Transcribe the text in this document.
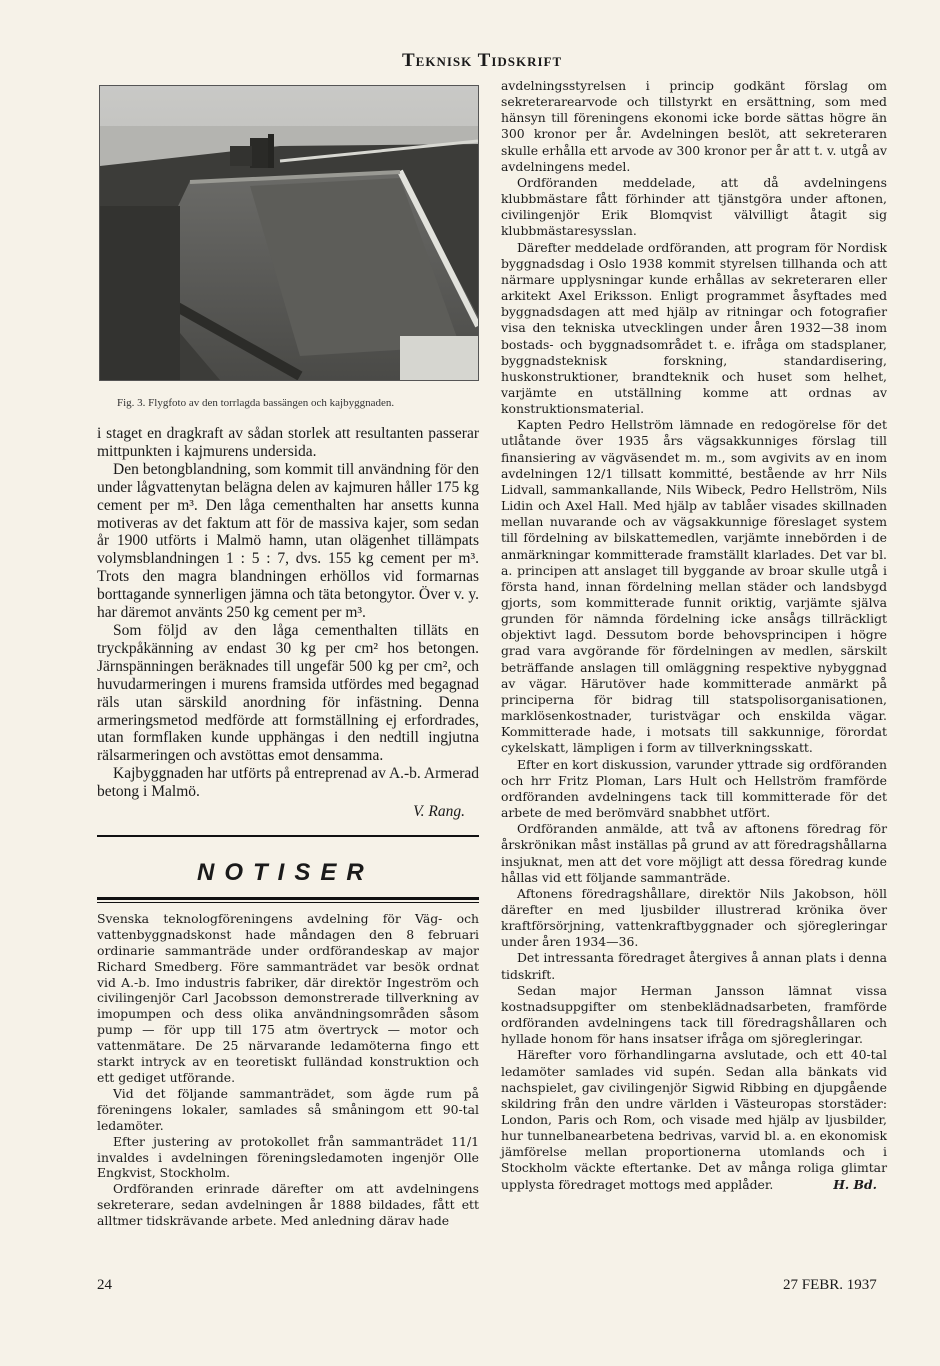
Teknisk Tidskrift
Fig. 3. Flygfoto av den torrlagda bassängen och kajbyggnaden.

i staget en dragkraft av sådan storlek att resultanten passerar mittpunkten i kajmurens undersida.

Den betongblandning, som kommit till användning för den under lågvattenytan belägna delen av kajmuren håller 175 kg cement per m³. Den låga cementhalten har ansetts kunna motiveras av det faktum att för de massiva kajer, som sedan år 1900 utförts i Malmö hamn, utan olägenhet tillämpats volymsblandningen 1 : 5 : 7, dvs. 155 kg cement per m³. Trots den magra blandningen erhöllos vid formarnas borttagande synnerligen jämna och täta betongytor. Över v. y. har däremot använts 250 kg cement per m³.

Som följd av den låga cementhalten tilläts en tryckpåkänning av endast 30 kg per cm² hos betongen. Järnspänningen beräknades till ungefär 500 kg per cm², och huvudarmeringen i murens framsida utfördes med begagnad räls utan särskild anordning för infästning. Denna armeringsmetod medförde att formställning ej erfordrades, utan formflaken kunde upphängas i den nedtill ingjutna rälsarmeringen och avstöttas emot densamma.

Kajbyggnaden har utförts på entreprenad av A.-b. Armerad betong i Malmö.

V. Rang.
NOTISER

Svenska teknologföreningens avdelning för Väg- och vattenbyggnadskonst hade måndagen den 8 februari ordinarie sammanträde under ordförandeskap av major Richard Smedberg. Före sammanträdet var besök ordnat vid A.-b. Imo industris fabriker, där direktör Ingeström och civilingenjör Carl Jacobsson demonstrerade tillverkning av imopumpen och dess olika användningsområden såsom pump — för upp till 175 atm övertryck — motor och vattenmätare. De 25 närvarande ledamöterna fingo ett starkt intryck av en teoretiskt fulländad konstruktion och ett gediget utförande.

Vid det följande sammanträdet, som ägde rum på föreningens lokaler, samlades så småningom ett 90-tal ledamöter.

Efter justering av protokollet från sammanträdet 11/1 invaldes i avdelningen föreningsledamoten ingenjör Olle Engkvist, Stockholm.

Ordföranden erinrade därefter om att avdelningens sekreterare, sedan avdelningen år 1888 bildades, fått ett alltmer tidskrävande arbete. Med anledning därav hade

avdelningsstyrelsen i princip godkänt förslag om sekreterarearvode och tillstyrkt en ersättning, som med hänsyn till föreningens ekonomi icke borde sättas högre än 300 kronor per år. Avdelningen beslöt, att sekreteraren skulle erhålla ett arvode av 300 kronor per år att t. v. utgå av avdelningens medel.

Ordföranden meddelade, att då avdelningens klubbmästare fått förhinder att tjänstgöra under aftonen, civilingenjör Erik Blomqvist välvilligt åtagit sig klubbmästaresysslan.

Därefter meddelade ordföranden, att program för Nordisk byggnadsdag i Oslo 1938 kommit styrelsen tillhanda och att närmare upplysningar kunde erhållas av sekreteraren eller arkitekt Axel Eriksson. Enligt programmet åsyftades med byggnadsdagen att med hjälp av ritningar och fotografier visa den tekniska utvecklingen under åren 1932—38 inom bostads- och byggnadsområdet t. e. ifråga om stadsplaner, byggnadsteknisk forskning, standardisering, huskonstruktioner, brandteknik och huset som helhet, varjämte en utställning komme att ordnas av konstruktionsmaterial.

Kapten Pedro Hellström lämnade en redogörelse för det utlåtande över 1935 års vägsakkunniges förslag till finansiering av vägväsendet m. m., som avgivits av en inom avdelningen 12/1 tillsatt kommitté, bestående av hrr Nils Lidvall, sammankallande, Nils Wibeck, Pedro Hellström, Nils Lidin och Axel Hall. Med hjälp av tablåer visades skillnaden mellan nuvarande och av vägsakkunnige föreslaget system till fördelning av bilskattemedlen, varjämte innebörden i de anmärkningar kommitterade framställt klarlades. Det var bl. a. principen att anslaget till byggande av broar skulle utgå i första hand, innan fördelning mellan städer och landsbygd gjorts, som kommitterade funnit oriktig, varjämte själva grunden för nämnda fördelning icke ansågs tillräckligt objektivt lagd. Dessutom borde behovsprincipen i högre grad vara avgörande för fördelningen av medlen, särskilt beträffande anslagen till omläggning respektive nybyggnad av vägar. Härutöver hade kommitterade anmärkt på principerna för bidrag till statspolisorganisationen, marklösenkostnader, turistvägar och enskilda vägar. Kommitterade hade, i motsats till sakkunnige, förordat cykelskatt, lämpligen i form av tillverkningsskatt.

Efter en kort diskussion, varunder yttrade sig ordföranden och hrr Fritz Ploman, Lars Hult och Hellström framförde ordföranden avdelningens tack till kommitterade för det arbete de med berömvärd snabbhet utfört.

Ordföranden anmälde, att två av aftonens föredrag för årskrönikan måst inställas på grund av att föredragshållarna insjuknat, men att det vore möjligt att dessa föredrag kunde hållas vid ett följande sammanträde.

Aftonens föredragshållare, direktör Nils Jakobson, höll därefter en med ljusbilder illustrerad krönika över kraftförsörjning, vattenkraftbyggnader och sjöregleringar under åren 1934—36.

Det intressanta föredraget återgives å annan plats i denna tidskrift.

Sedan major Herman Jansson lämnat vissa kostnadsuppgifter om stenbeklädnadsarbeten, framförde ordföranden avdelningens tack till föredragshållaren och hyllade honom för hans insatser ifråga om sjöregleringar.

Härefter voro förhandlingarna avslutade, och ett 40-tal ledamöter samlades vid supén. Sedan alla bänkats vid nachspielet, gav civilingenjör Sigwid Ribbing en djupgående skildring från den undre världen i Västeuropas storstäder: London, Paris och Rom, och visade med hjälp av ljusbilder, hur tunnelbanearbetena bedrivas, varvid bl. a. en ekonomisk jämförelse mellan proportionerna utomlands och i Stockholm väckte eftertanke. Det av många roliga glimtar upplysta föredraget mottogs med applåder.	H. Bd.
24	27 FEBR. 1937
